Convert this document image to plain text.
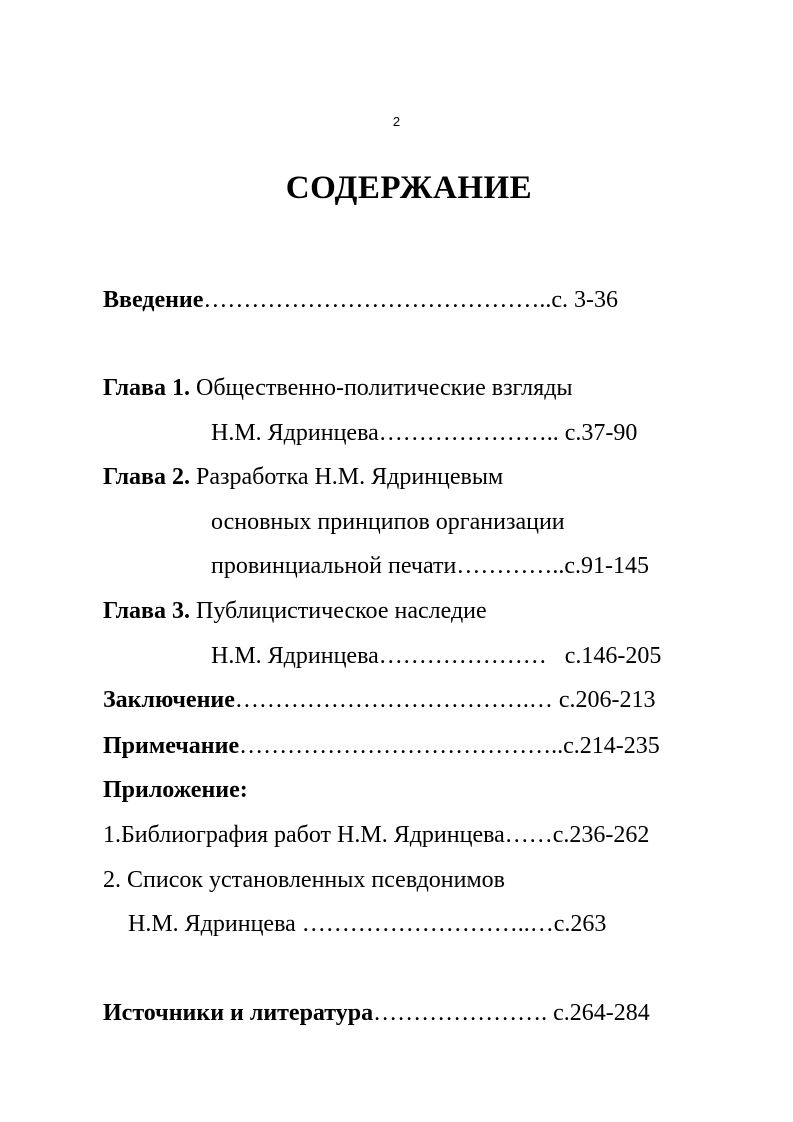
2
СОДЕРЖАНИЕ
Введение……………………………………..с. 3-36
Глава 1. Общественно-политические взгляды
Н.М. Ядринцева………………….. с.37-90
Глава 2. Разработка Н.М. Ядринцевым
основных принципов организации
провинциальной печати…………..с.91-145
Глава 3. Публицистическое наследие
Н.М. Ядринцева…………………   с.146-205
Заключение……………………………….… с.206-213
Примечание…………………………………..с.214-235
Приложение:
1.Библиография работ Н.М. Ядринцева……с.236-262
2. Список установленных псевдонимов
Н.М. Ядринцева ………………………..…с.263
Источники и литература…………………. с.264-284
